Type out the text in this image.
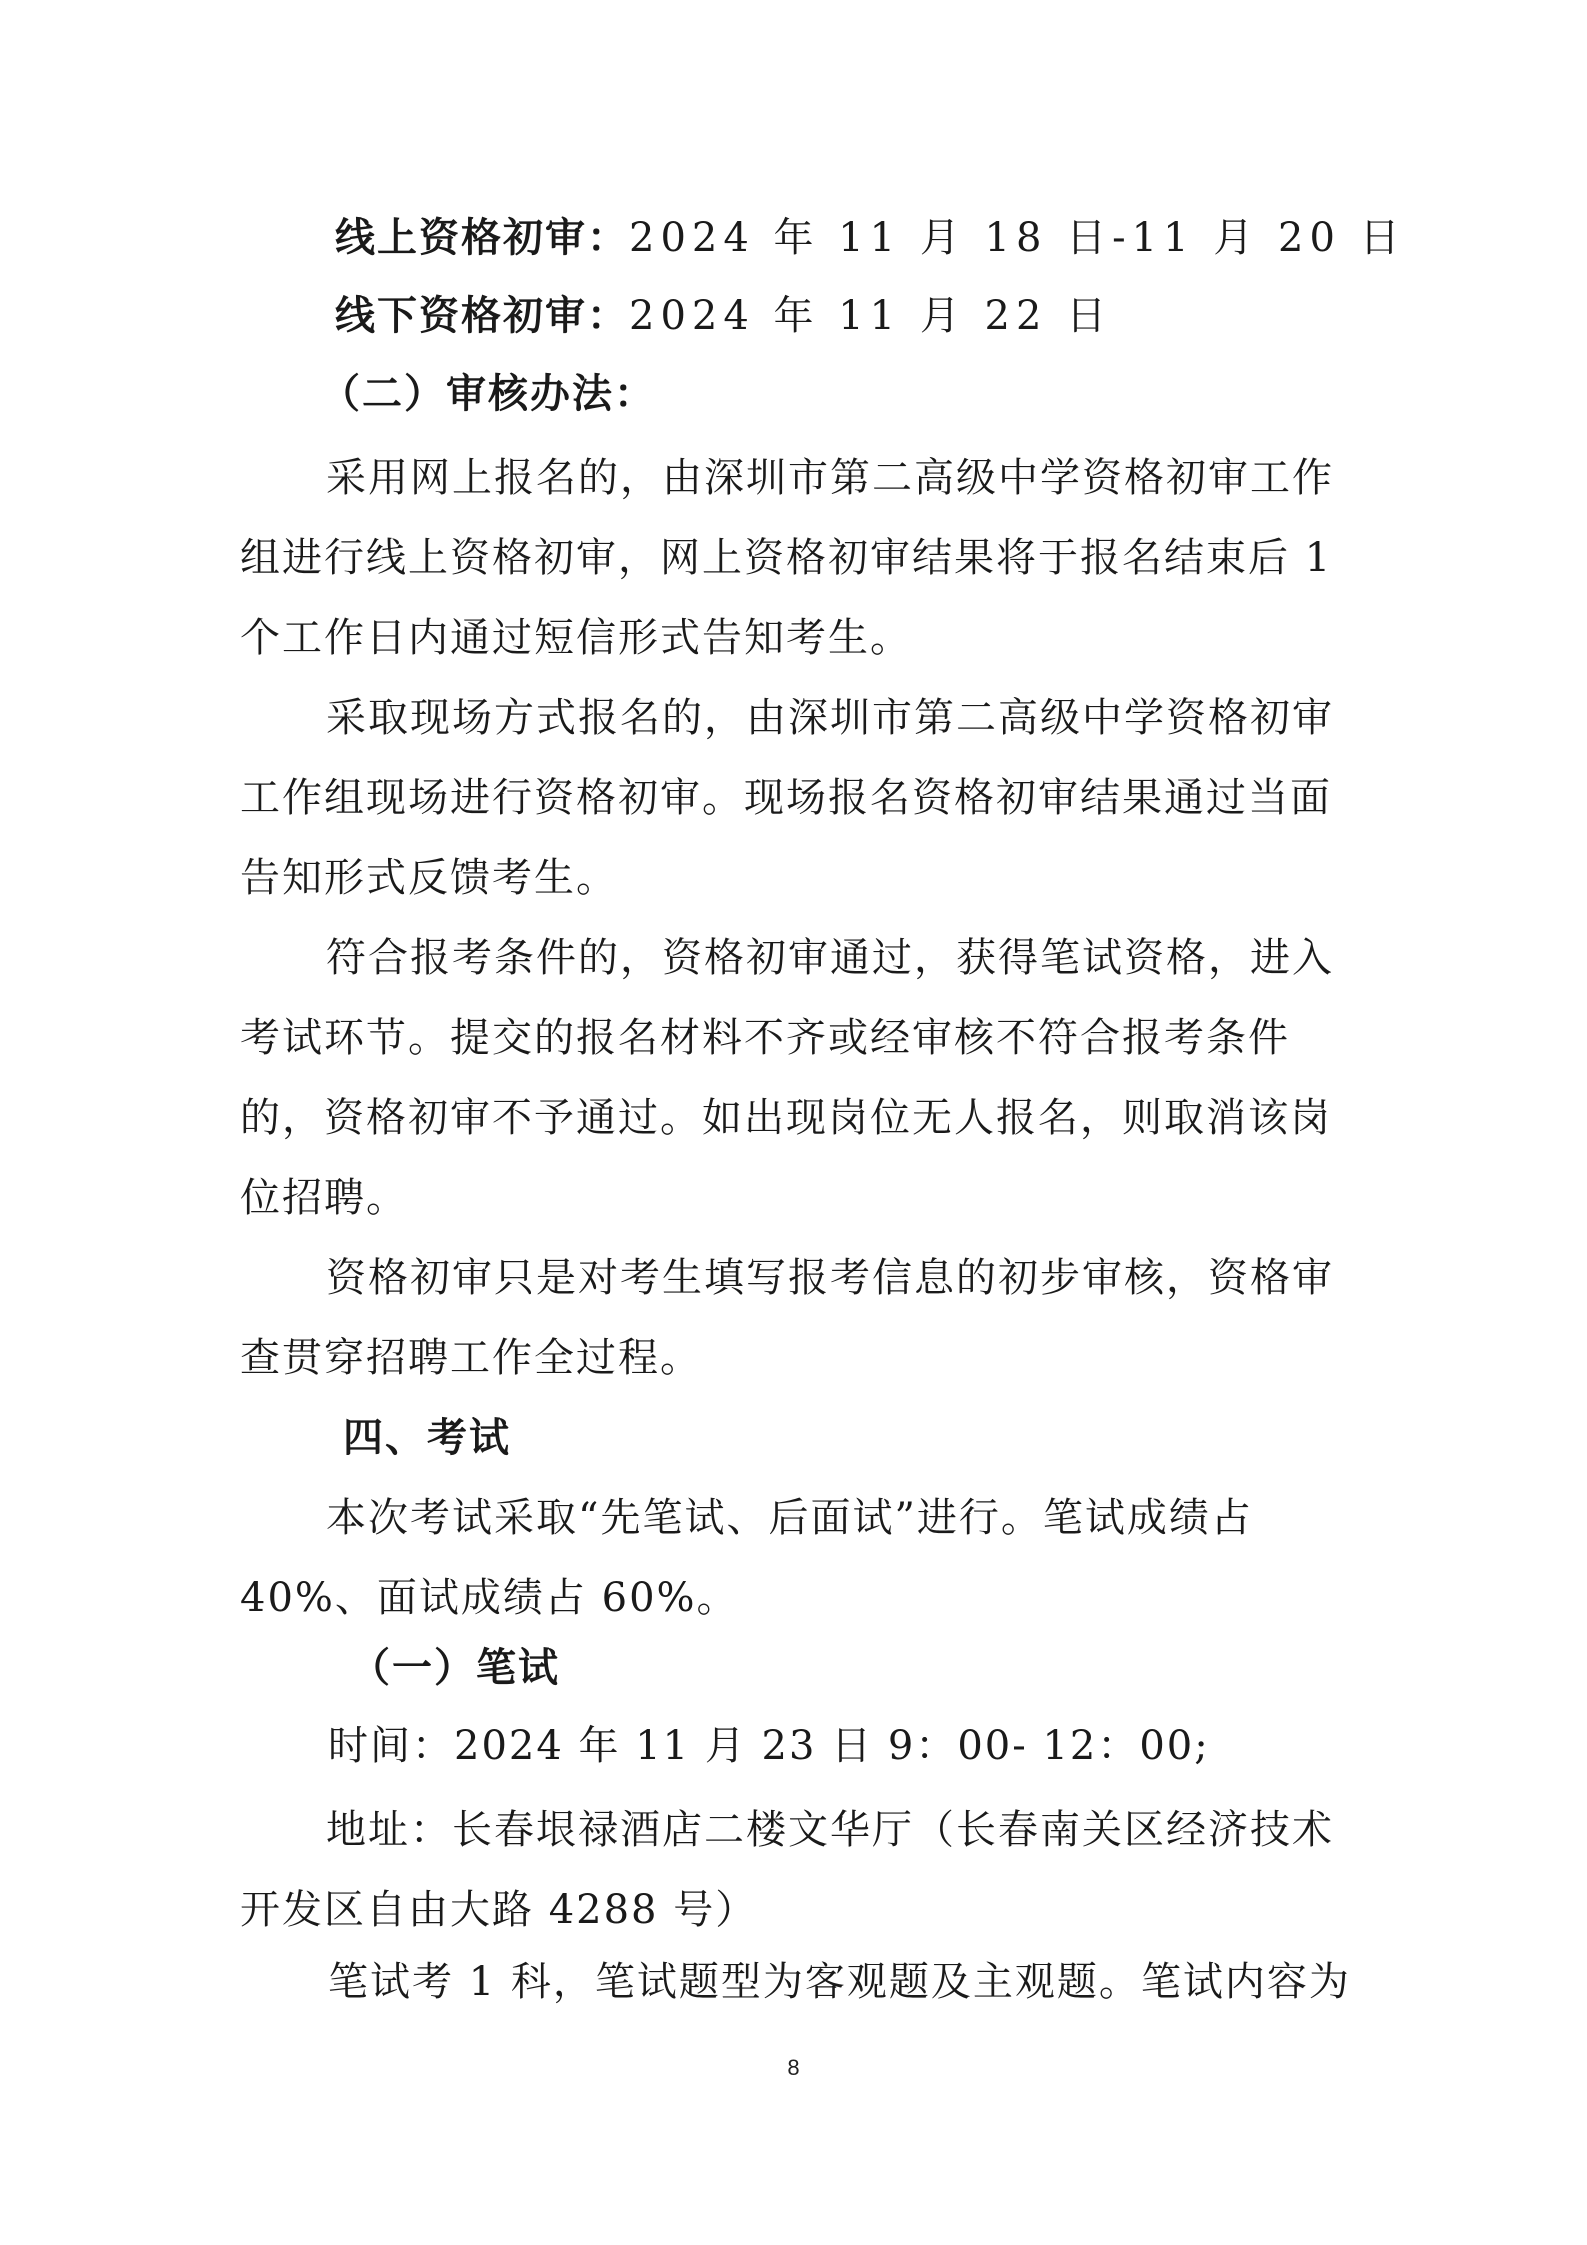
线上资格初审：2024 年 11 月 18 日-11 月 20 日
线下资格初审：2024 年 11 月 22 日
（二）审核办法：
采用网上报名的，由深圳市第二高级中学资格初审工作组进行线上资格初审，网上资格初审结果将于报名结束后 1 个工作日内通过短信形式告知考生。
采取现场方式报名的，由深圳市第二高级中学资格初审工作组现场进行资格初审。现场报名资格初审结果通过当面告知形式反馈考生。
符合报考条件的，资格初审通过，获得笔试资格，进入考试环节。提交的报名材料不齐或经审核不符合报考条件的，资格初审不予通过。如出现岗位无人报名，则取消该岗位招聘。
资格初审只是对考生填写报考信息的初步审核，资格审查贯穿招聘工作全过程。
四、考试
本次考试采取“先笔试、后面试”进行。笔试成绩占 40%、面试成绩占 60%。
（一）笔试
时间：2024 年 11 月 23 日 9：00- 12：00;
地址：长春垠禄酒店二楼文华厅（长春南关区经济技术开发区自由大路 4288 号）
笔试考 1 科，笔试题型为客观题及主观题。笔试内容为
8
